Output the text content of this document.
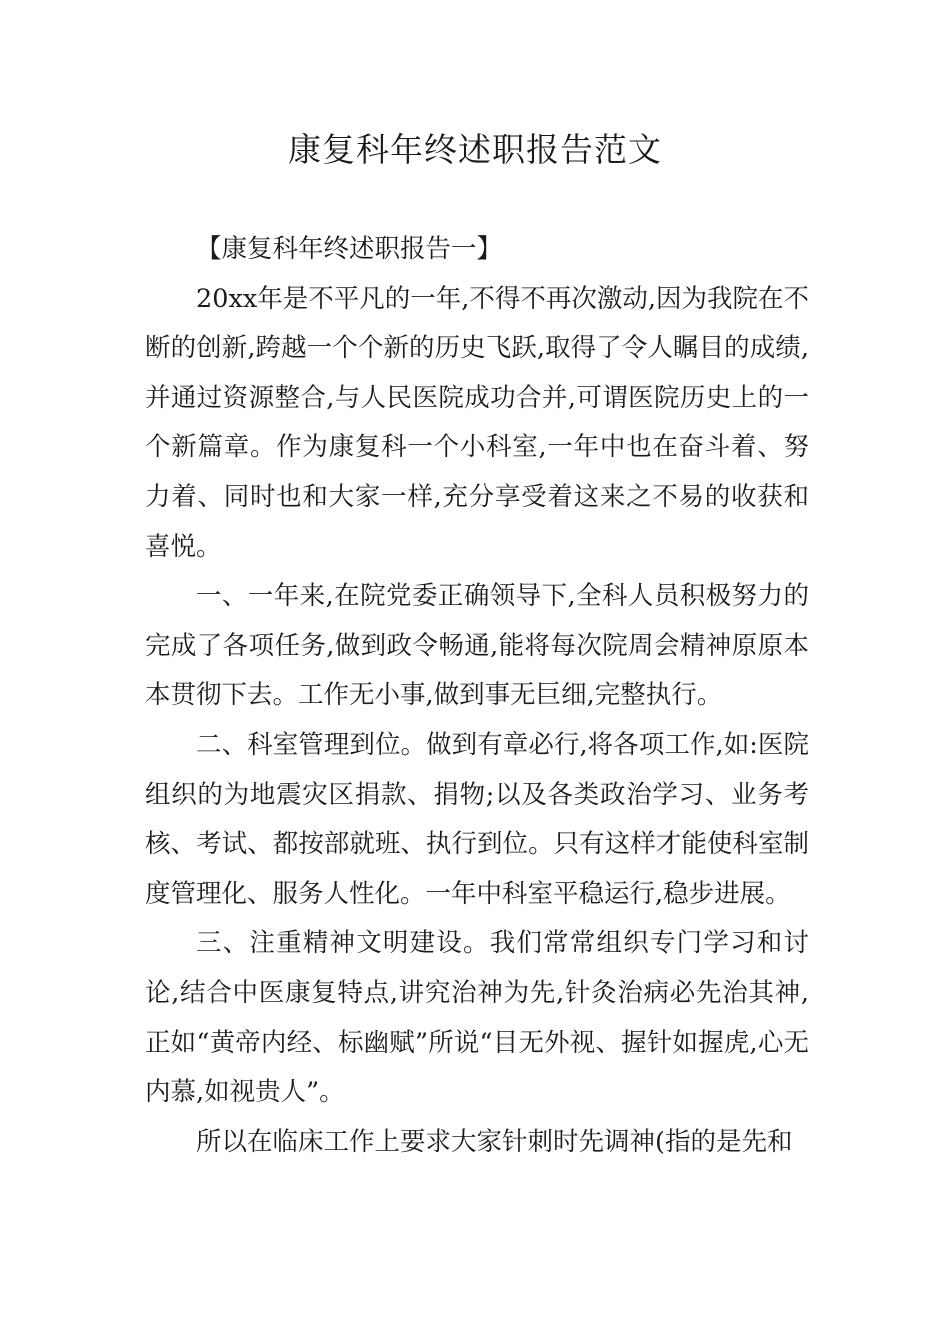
康复科年终述职报告范文

【康复科年终述职报告一】

20xx年是不平凡的一年,不得不再次激动,因为我院在不断的创新,跨越一个个新的历史飞跃,取得了令人瞩目的成绩,并通过资源整合,与人民医院成功合并,可谓医院历史上的一个新篇章。作为康复科一个小科室,一年中也在奋斗着、努力着、同时也和大家一样,充分享受着这来之不易的收获和喜悦。

一、一年来,在院党委正确领导下,全科人员积极努力的完成了各项任务,做到政令畅通,能将每次院周会精神原原本本贯彻下去。工作无小事,做到事无巨细,完整执行。

二、科室管理到位。做到有章必行,将各项工作,如:医院组织的为地震灾区捐款、捐物;以及各类政治学习、业务考核、考试、都按部就班、执行到位。只有这样才能使科室制度管理化、服务人性化。一年中科室平稳运行,稳步进展。

三、注重精神文明建设。我们常常组织专门学习和讨论,结合中医康复特点,讲究治神为先,针灸治病必先治其神,正如“黄帝内经、标幽赋”所说“目无外视、握针如握虎,心无内慕,如视贵人”。

所以在临床工作上要求大家针刺时先调神(指的是先和
